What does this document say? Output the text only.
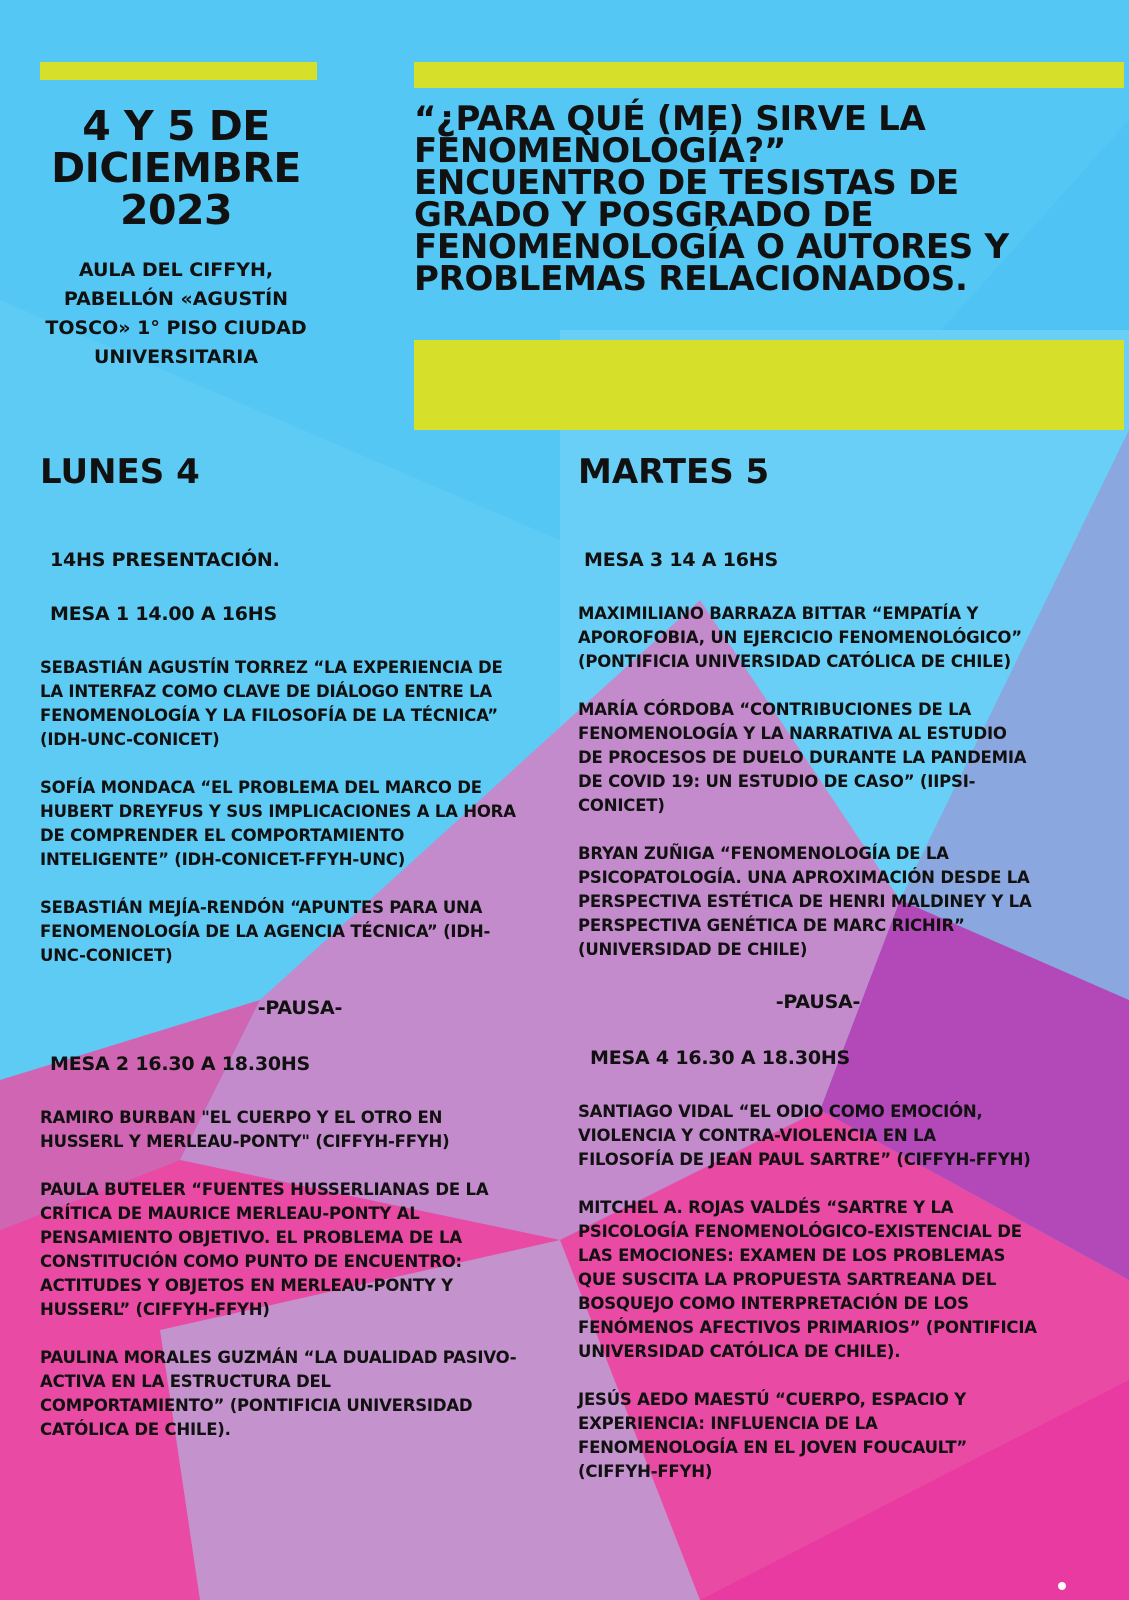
4 Y 5 DE
DICIEMBRE
2023
AULA DEL CIFFYH,
PABELLÓN «AGUSTÍN
TOSCO» 1° PISO CIUDAD
UNIVERSITARIA
“¿PARA QUÉ (ME) SIRVE LA
FENOMENOLOGÍA?”
ENCUENTRO DE TESISTAS DE
GRADO Y POSGRADO DE
FENOMENOLOGÍA O AUTORES Y
PROBLEMAS RELACIONADOS.
LUNES 4	MARTES 5
14HS PRESENTACIÓN.
MESA 1 14.00 A 16HS
SEBASTIÁN AGUSTÍN TORREZ “LA EXPERIENCIA DE
LA INTERFAZ COMO CLAVE DE DIÁLOGO ENTRE LA
FENOMENOLOGÍA Y LA FILOSOFÍA DE LA TÉCNICA”
(IDH-UNC-CONICET)
SOFÍA MONDACA “EL PROBLEMA DEL MARCO DE
HUBERT DREYFUS Y SUS IMPLICACIONES A LA HORA
DE COMPRENDER EL COMPORTAMIENTO
INTELIGENTE” (IDH-CONICET-FFYH-UNC)
SEBASTIÁN MEJÍA-RENDÓN “APUNTES PARA UNA
FENOMENOLOGÍA DE LA AGENCIA TÉCNICA” (IDH-
UNC-CONICET)
-PAUSA-
MESA 2 16.30 A 18.30HS
RAMIRO BURBAN "EL CUERPO Y EL OTRO EN
HUSSERL Y MERLEAU-PONTY" (CIFFYH-FFYH)
PAULA BUTELER “FUENTES HUSSERLIANAS DE LA
CRÍTICA DE MAURICE MERLEAU-PONTY AL
PENSAMIENTO OBJETIVO. EL PROBLEMA DE LA
CONSTITUCIÓN COMO PUNTO DE ENCUENTRO:
ACTITUDES Y OBJETOS EN MERLEAU-PONTY Y
HUSSERL” (CIFFYH-FFYH)
PAULINA MORALES GUZMÁN “LA DUALIDAD PASIVO-
ACTIVA EN LA ESTRUCTURA DEL
COMPORTAMIENTO” (PONTIFICIA UNIVERSIDAD
CATÓLICA DE CHILE).
MESA 3 14 A 16HS
MAXIMILIANO BARRAZA BITTAR “EMPATÍA Y
APOROFOBIA, UN EJERCICIO FENOMENOLÓGICO”
(PONTIFICIA UNIVERSIDAD CATÓLICA DE CHILE)
MARÍA CÓRDOBA “CONTRIBUCIONES DE LA
FENOMENOLOGÍA Y LA NARRATIVA AL ESTUDIO
DE PROCESOS DE DUELO DURANTE LA PANDEMIA
DE COVID 19: UN ESTUDIO DE CASO” (IIPSI-
CONICET)
BRYAN ZUÑIGA “FENOMENOLOGÍA DE LA
PSICOPATOLOGÍA. UNA APROXIMACIÓN DESDE LA
PERSPECTIVA ESTÉTICA DE HENRI MALDINEY Y LA
PERSPECTIVA GENÉTICA DE MARC RICHIR”
(UNIVERSIDAD DE CHILE)
-PAUSA-
MESA 4 16.30 A 18.30HS
SANTIAGO VIDAL “EL ODIO COMO EMOCIÓN,
VIOLENCIA Y CONTRA-VIOLENCIA EN LA
FILOSOFÍA DE JEAN PAUL SARTRE” (CIFFYH-FFYH)
MITCHEL A. ROJAS VALDÉS “SARTRE Y LA
PSICOLOGÍA FENOMENOLÓGICO-EXISTENCIAL DE
LAS EMOCIONES: EXAMEN DE LOS PROBLEMAS
QUE SUSCITA LA PROPUESTA SARTREANA DEL
BOSQUEJO COMO INTERPRETACIÓN DE LOS
FENÓMENOS AFECTIVOS PRIMARIOS” (PONTIFICIA
UNIVERSIDAD CATÓLICA DE CHILE).
JESÚS AEDO MAESTÚ “CUERPO, ESPACIO Y
EXPERIENCIA: INFLUENCIA DE LA
FENOMENOLOGÍA EN EL JOVEN FOUCAULT”
(CIFFYH-FFYH)
